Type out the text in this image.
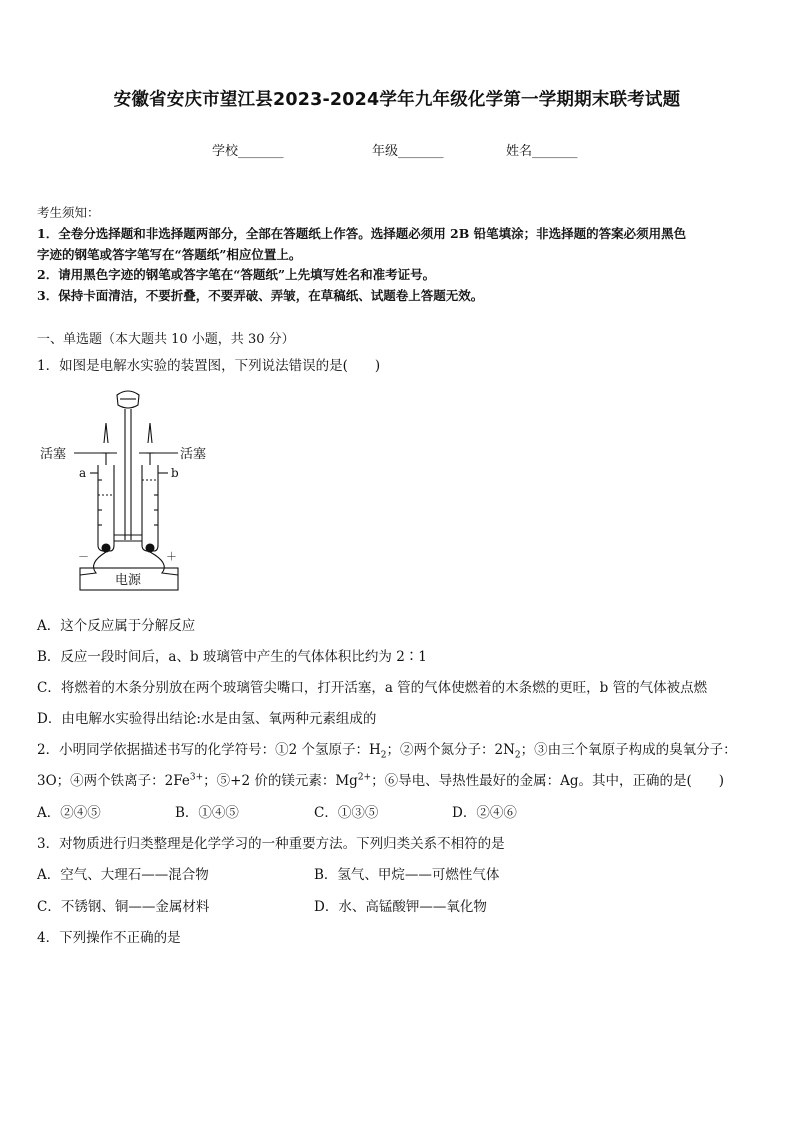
安徽省安庆市望江县2023-2024学年九年级化学第一学期期末联考试题
学校_______	年级_______	姓名_______
考生须知：
1．全卷分选择题和非选择题两部分，全部在答题纸上作答。选择题必须用 2B 铅笔填涂；非选择题的答案必须用黑色
字迹的钢笔或答字笔写在“答题纸”相应位置上。
2．请用黑色字迹的钢笔或答字笔在“答题纸”上先填写姓名和准考证号。
3．保持卡面清洁，不要折叠，不要弄破、弄皱，在草稿纸、试题卷上答题无效。
一、单选题（本大题共 10 小题，共 30 分）
1．如图是电解水实验的装置图，下列说法错误的是(　　)
活塞	活塞
a	b
－	＋
电源
A．这个反应属于分解反应
B．反应一段时间后，a、b 玻璃管中产生的气体体积比约为 2∶1
C．将燃着的木条分别放在两个玻璃管尖嘴口，打开活塞，a 管的气体使燃着的木条燃的更旺，b 管的气体被点燃
D．由电解水实验得出结论:水是由氢、氧两种元素组成的
2．小明同学依据描述书写的化学符号：①2 个氢原子：$H_2$；②两个氮分子：$2N_2$；③由三个氧原子构成的臭氧分子：
3O；④两个铁离子：$2Fe^{3+}$；⑤+2 价的镁元素：$Mg^{2+}$；⑥导电、导热性最好的金属：Ag。其中，正确的是(　　)
A．②④⑤	B．①④⑤	C．①③⑤	D．②④⑥
3．对物质进行归类整理是化学学习的一种重要方法。下列归类关系不相符的是
A．空气、大理石——混合物	B．氢气、甲烷——可燃性气体
C．不锈钢、铜——金属材料	D．水、高锰酸钾——氧化物
4．下列操作不正确的是
